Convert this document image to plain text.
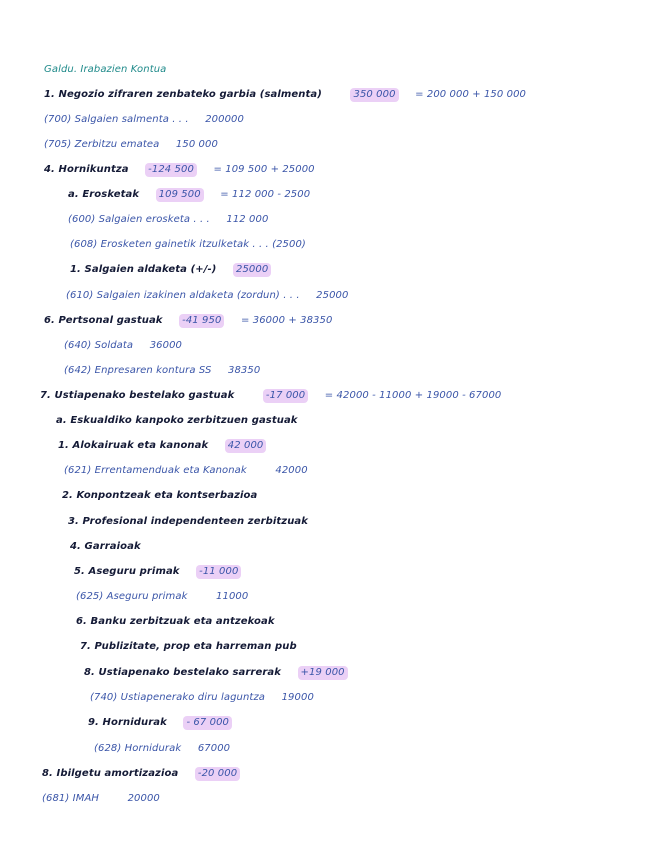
Galdu. Irabazien Kontua
1. Negozio zifraren zenbateko garbia (salmenta)	350 000 = 200 000 + 150 000
(700) Salgaien salmenta . . . 200000
(705) Zerbitzu ematea 150 000
4. Hornikuntza -124 500 = 109 500 + 25000
a. Erosketak 109 500 = 112 000 - 2500
(600) Salgaien erosketa . . . 112 000
(608) Erosketen gainetik itzulketak . . . (2500)
1. Salgaien aldaketa (+/-) 25000
(610) Salgaien izakinen aldaketa (zordun) . . . 25000
6. Pertsonal gastuak -41 950 = 36000 + 38350
(640) Soldata 36000
(642) Enpresaren kontura SS 38350
7. Ustiapenako bestelako gastuak	-17 000 = 42000 - 11000 + 19000 - 67000
a. Eskualdiko kanpoko zerbitzuen gastuak
1. Alokairuak eta kanonak 42 000
(621) Errentamenduak eta Kanonak	42000
2. Konpontzeak eta kontserbazioa
3. Profesional independenteen zerbitzuak
4. Garraioak
5. Aseguru primak -11 000
(625) Aseguru primak	11000
6. Banku zerbitzuak eta antzekoak
7. Publizitate, prop eta harreman pub
8. Ustiapenako bestelako sarrerak +19 000
(740) Ustiapenerako diru laguntza 19000
9. Hornidurak - 67 000
(628) Hornidurak 67000
8. Ibilgetu amortizazioa -20 000
(681) IMAH	20000
